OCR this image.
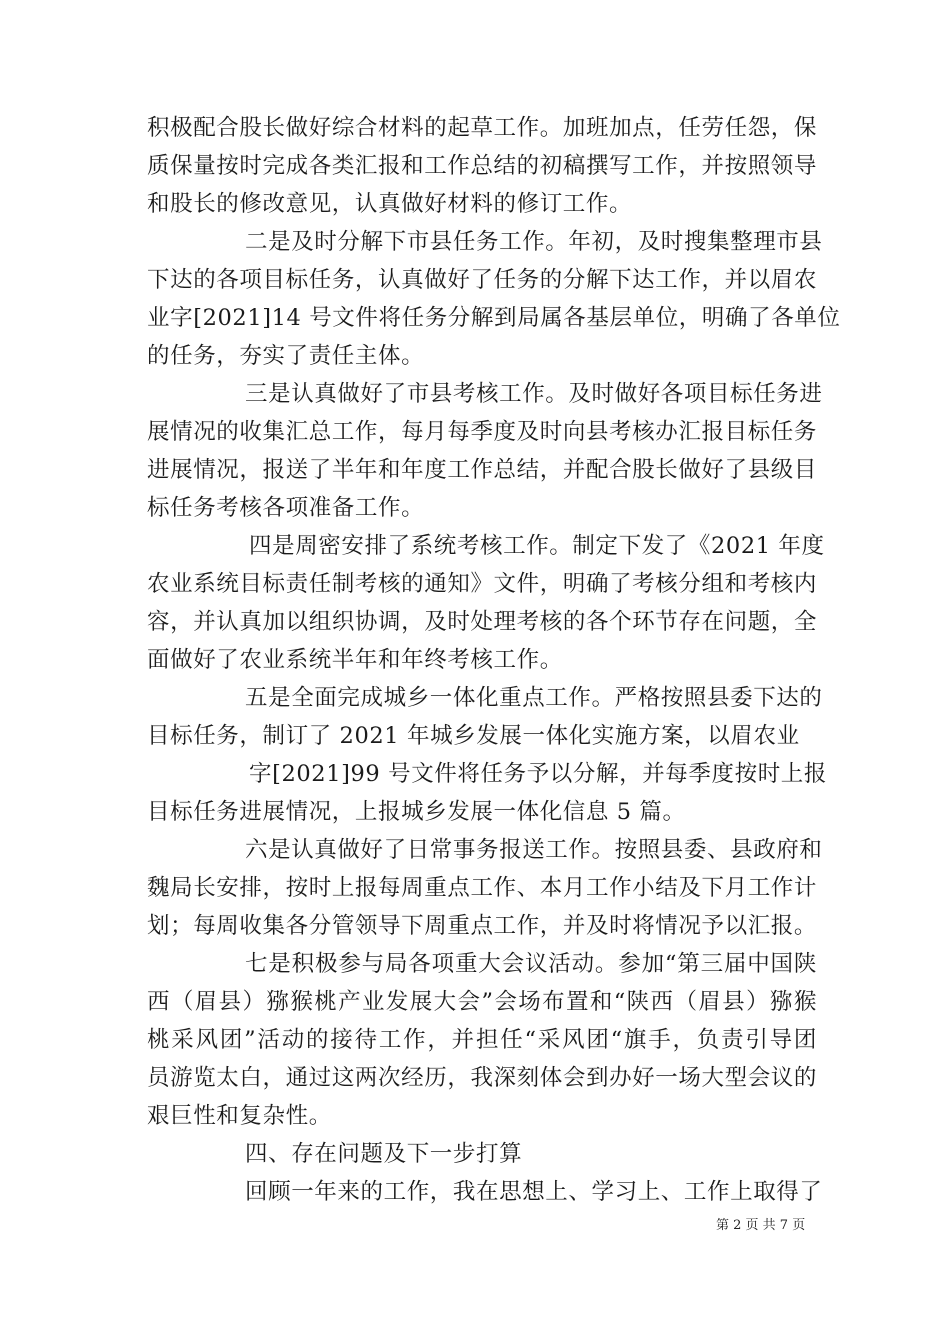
积极配合股长做好综合材料的起草工作。加班加点，任劳任怨，保
质保量按时完成各类汇报和工作总结的初稿撰写工作，并按照领导
和股长的修改意见，认真做好材料的修订工作。
二是及时分解下市县任务工作。年初，及时搜集整理市县
下达的各项目标任务，认真做好了任务的分解下达工作，并以眉农
业字[2021]14 号文件将任务分解到局属各基层单位，明确了各单位
的任务，夯实了责任主体。
三是认真做好了市县考核工作。及时做好各项目标任务进
展情况的收集汇总工作，每月每季度及时向县考核办汇报目标任务
进展情况，报送了半年和年度工作总结，并配合股长做好了县级目
标任务考核各项准备工作。
四是周密安排了系统考核工作。制定下发了《2021 年度
农业系统目标责任制考核的通知》文件，明确了考核分组和考核内
容，并认真加以组织协调，及时处理考核的各个环节存在问题，全
面做好了农业系统半年和年终考核工作。
五是全面完成城乡一体化重点工作。严格按照县委下达的
目标任务，制订了 2021 年城乡发展一体化实施方案，以眉农业
字[2021]99 号文件将任务予以分解，并每季度按时上报
目标任务进展情况，上报城乡发展一体化信息 5 篇。
六是认真做好了日常事务报送工作。按照县委、县政府和
魏局长安排，按时上报每周重点工作、本月工作小结及下月工作计
划；每周收集各分管领导下周重点工作，并及时将情况予以汇报。
七是积极参与局各项重大会议活动。参加“第三届中国陕
西（眉县）猕猴桃产业发展大会”会场布置和“陕西（眉县）猕猴
桃采风团”活动的接待工作，并担任“采风团“旗手，负责引导团
员游览太白，通过这两次经历，我深刻体会到办好一场大型会议的
艰巨性和复杂性。
四、存在问题及下一步打算
回顾一年来的工作，我在思想上、学习上、工作上取得了
第 2 页 共 7 页
